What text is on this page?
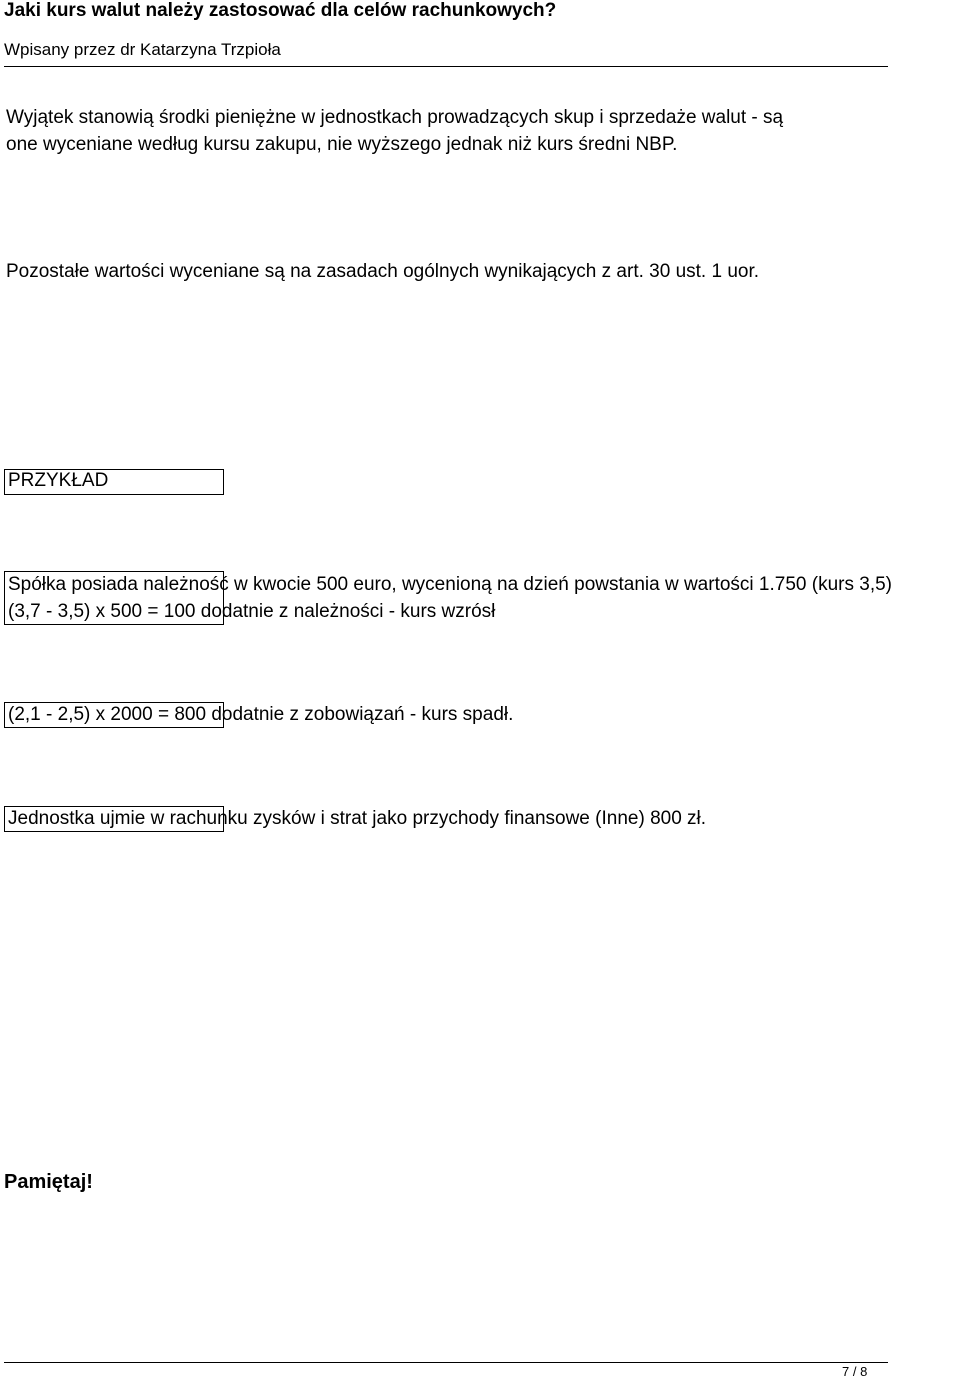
Jaki kurs walut należy zastosować dla celów rachunkowych?
Wpisany przez dr Katarzyna Trzpioła
Wyjątek stanowią środki pieniężne w jednostkach prowadzących skup i sprzedaże walut - są
one wyceniane według kursu zakupu, nie wyższego jednak niż kurs średni NBP.
Pozostałe wartości wyceniane są na zasadach ogólnych wynikających z art. 30 ust. 1 uor.
PRZYKŁAD
Spółka posiada należność w kwocie 500 euro, wycenioną na dzień powstania w wartości 1.750 (kurs 3,5)
(3,7 - 3,5) x 500 = 100 dodatnie z należności - kurs wzrósł
(2,1 - 2,5) x 2000 = 800 dodatnie z zobowiązań - kurs spadł.
Jednostka ujmie w rachunku zysków i strat jako przychody finansowe (Inne) 800 zł.
Pamiętaj!
7 / 8
